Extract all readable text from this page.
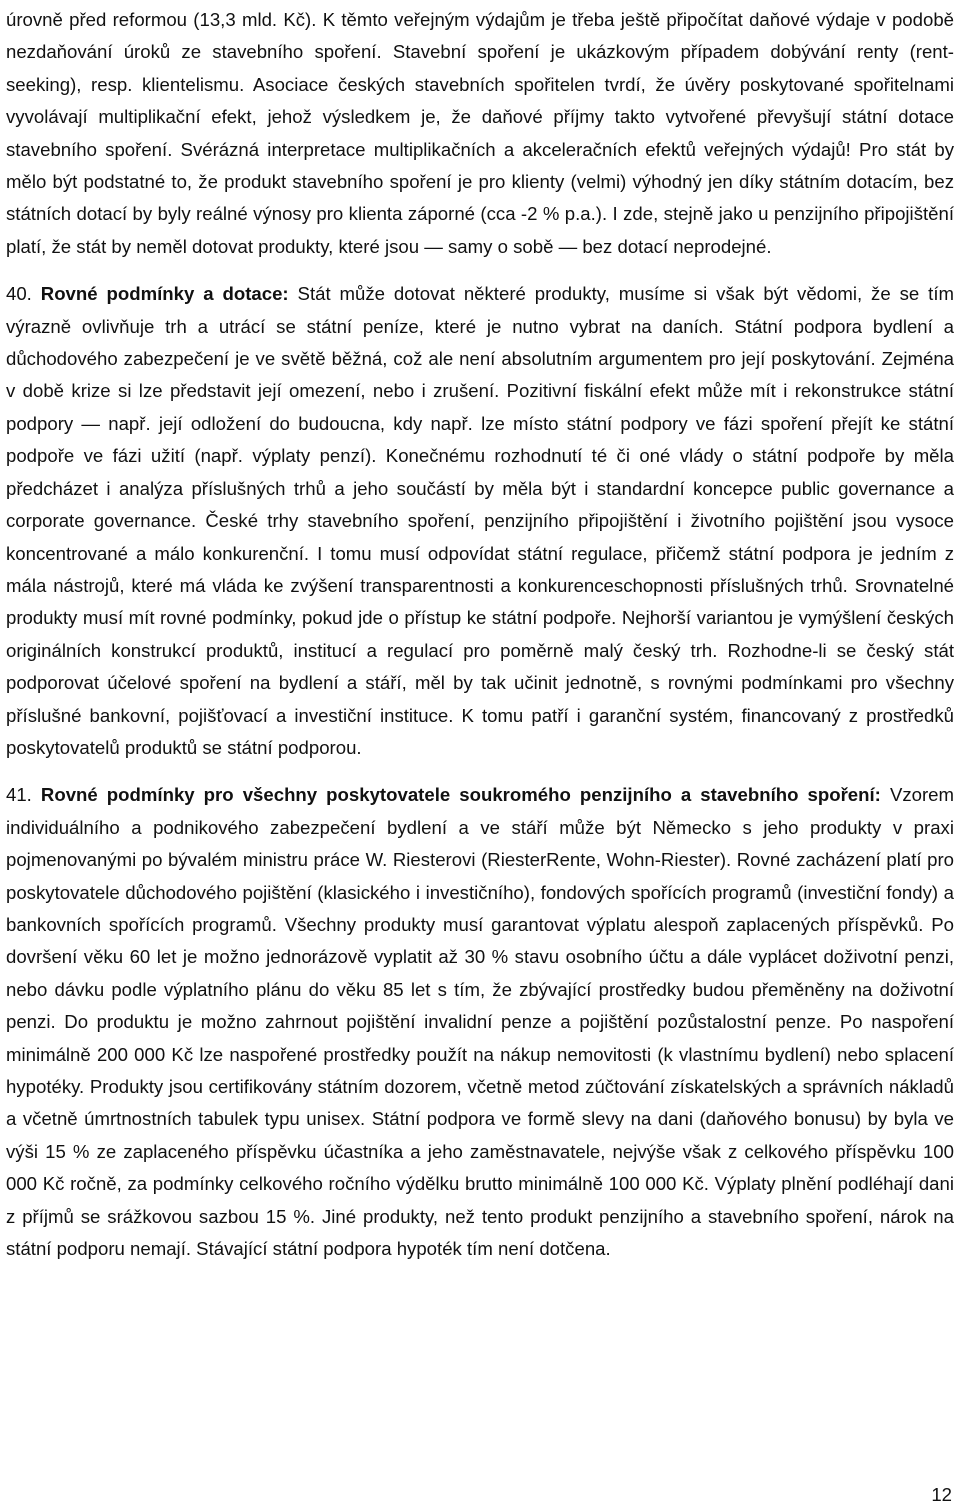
úrovně před reformou (13,3 mld. Kč). K těmto veřejným výdajům je třeba ještě připočítat daňové výdaje v podobě nezdaňování úroků ze stavebního spoření. Stavební spoření je ukázkovým případem dobývání renty (rent-seeking), resp. klientelismu. Asociace českých stavebních spořitelen tvrdí, že úvěry poskytované spořitelnami vyvolávají multiplikační efekt, jehož výsledkem je, že daňové příjmy takto vytvořené převyšují státní dotace stavebního spoření. Svérázná interpretace multiplikačních a akceleračních efektů veřejných výdajů! Pro stát by mělo být podstatné to, že produkt stavebního spoření je pro klienty (velmi) výhodný jen díky státním dotacím, bez státních dotací by byly reálné výnosy pro klienta záporné (cca -2 % p.a.). I zde, stejně jako u penzijního připojištění platí, že stát by neměl dotovat produkty, které jsou — samy o sobě — bez dotací neprodejné.

40. Rovné podmínky a dotace: Stát může dotovat některé produkty, musíme si však být vědomi, že se tím výrazně ovlivňuje trh a utrácí se státní peníze, které je nutno vybrat na daních. Státní podpora bydlení a důchodového zabezpečení je ve světě běžná, což ale není absolutním argumentem pro její poskytování. Zejména v době krize si lze představit její omezení, nebo i zrušení. Pozitivní fiskální efekt může mít i rekonstrukce státní podpory — např. její odložení do budoucna, kdy např. lze místo státní podpory ve fázi spoření přejít ke státní podpoře ve fázi užití (např. výplaty penzí). Konečnému rozhodnutí té či oné vlády o státní podpoře by měla předcházet i analýza příslušných trhů a jeho součástí by měla být i standardní koncepce public governance a corporate governance. České trhy stavebního spoření, penzijního připojištění i životního pojištění jsou vysoce koncentrované a málo konkurenční. I tomu musí odpovídat státní regulace, přičemž státní podpora je jedním z mála nástrojů, které má vláda ke zvýšení transparentnosti a konkurenceschopnosti příslušných trhů. Srovnatelné produkty musí mít rovné podmínky, pokud jde o přístup ke státní podpoře. Nejhorší variantou je vymýšlení českých originálních konstrukcí produktů, institucí a regulací pro poměrně malý český trh. Rozhodne-li se český stát podporovat účelové spoření na bydlení a stáří, měl by tak učinit jednotně, s rovnými podmínkami pro všechny příslušné bankovní, pojišťovací a investiční instituce. K tomu patří i garanční systém, financovaný z prostředků poskytovatelů produktů se státní podporou.

41. Rovné podmínky pro všechny poskytovatele soukromého penzijního a stavebního spoření: Vzorem individuálního a podnikového zabezpečení bydlení a ve stáří může být Německo s jeho produkty v praxi pojmenovanými po bývalém ministru práce W. Riesterovi (RiesterRente, Wohn-Riester). Rovné zacházení platí pro poskytovatele důchodového pojištění (klasického i investičního), fondových spořících programů (investiční fondy) a bankovních spořících programů. Všechny produkty musí garantovat výplatu alespoň zaplacených příspěvků. Po dovršení věku 60 let je možno jednorázově vyplatit až 30 % stavu osobního účtu a dále vyplácet doživotní penzi, nebo dávku podle výplatního plánu do věku 85 let s tím, že zbývající prostředky budou přeměněny na doživotní penzi. Do produktu je možno zahrnout pojištění invalidní penze a pojištění pozůstalostní penze. Po naspoření minimálně 200 000 Kč lze naspořené prostředky použít na nákup nemovitosti (k vlastnímu bydlení) nebo splacení hypotéky. Produkty jsou certifikovány státním dozorem, včetně metod zúčtování získatelských a správních nákladů a včetně úmrtnostních tabulek typu unisex. Státní podpora ve formě slevy na dani (daňového bonusu) by byla ve výši 15 % ze zaplaceného příspěvku účastníka a jeho zaměstnavatele, nejvýše však z celkového příspěvku 100 000 Kč ročně, za podmínky celkového ročního výdělku brutto minimálně 100 000 Kč. Výplaty plnění podléhají dani z příjmů se srážkovou sazbou 15 %. Jiné produkty, než tento produkt penzijního a stavebního spoření, nárok na státní podporu nemají. Stávající státní podpora hypoték tím není dotčena.

12
